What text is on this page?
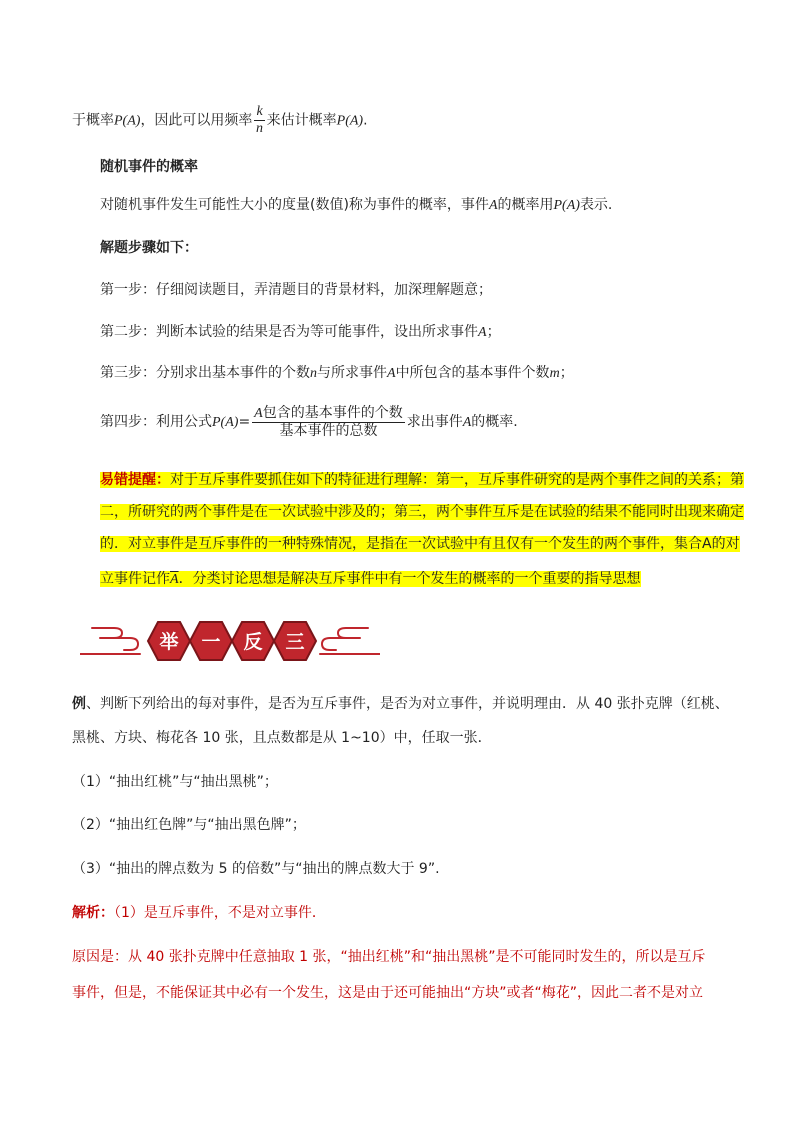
于概率P(A)，因此可以用频率 $\frac{k}{n}$ 来估计概率P(A).
随机事件的概率
对随机事件发生可能性大小的度量(数值)称为事件的概率，事件A的概率用P(A)表示.
解题步骤如下：
第一步：仔细阅读题目，弄清题目的背景材料，加深理解题意；
第二步：判断本试验的结果是否为等可能事件，设出所求事件A；
第三步：分别求出基本事件的个数n与所求事件A中所包含的基本事件个数m；
第四步：利用公式$P(A)= \frac{\text{A包含的基本事件的个数}}{\text{基本事件的总数}}$ 求出事件A的概率.
易错提醒：对于互斥事件要抓住如下的特征进行理解：第一，互斥事件研究的是两个事件之间的关系；第
二，所研究的两个事件是在一次试验中涉及的；第三，两个事件互斥是在试验的结果不能同时出现来确定
的．对立事件是互斥事件的一种特殊情况，是指在一次试验中有且仅有一个发生的两个事件，集合A的对
立事件记作$\overline{A}$．分类讨论思想是解决互斥事件中有一个发生的概率的一个重要的指导思想
举 一 反 三
例、判断下列给出的每对事件，是否为互斥事件，是否为对立事件，并说明理由．从 40 张扑克牌（红桃、
黑桃、方块、梅花各 10 张，且点数都是从 1~10）中，任取一张．
（1）“抽出红桃”与“抽出黑桃”；
（2）“抽出红色牌”与“抽出黑色牌”；
（3）“抽出的牌点数为 5 的倍数”与“抽出的牌点数大于 9”.
解析：（1）是互斥事件，不是对立事件．
原因是：从 40 张扑克牌中任意抽取 1 张，“抽出红桃”和“抽出黑桃”是不可能同时发生的，所以是互斥
事件，但是，不能保证其中必有一个发生，这是由于还可能抽出“方块”或者“梅花”，因此二者不是对立
